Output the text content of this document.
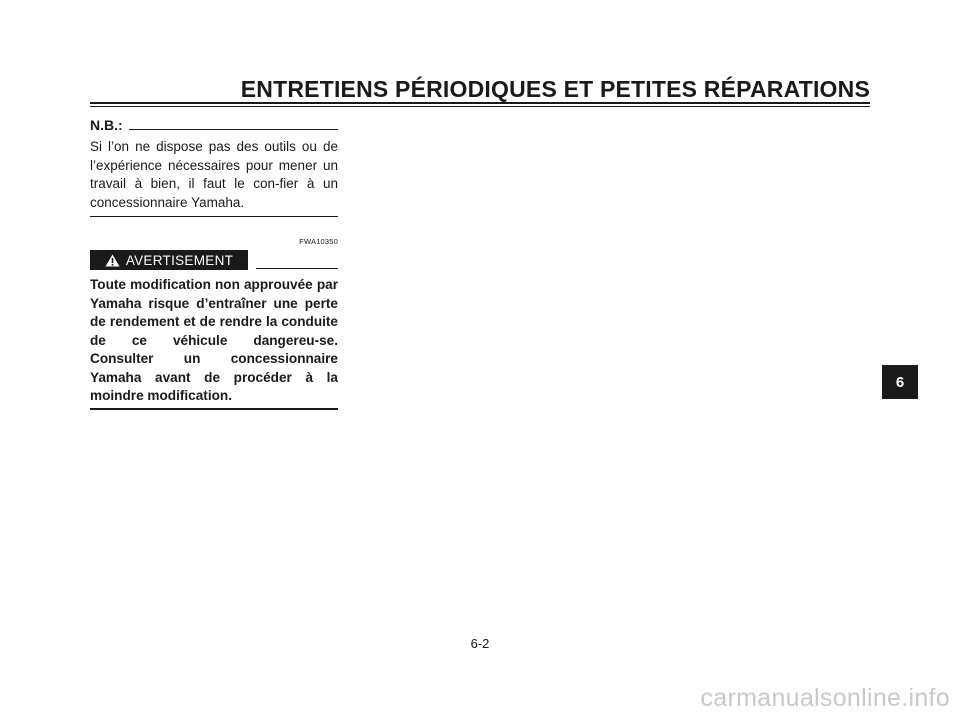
ENTRETIENS PÉRIODIQUES ET PETITES RÉPARATIONS
N.B.:

Si l’on ne dispose pas des outils ou de l’expérience nécessaires pour mener un travail à bien, il faut le con-fier à un concessionnaire Yamaha.

FWA10350
AVERTISEMENT

Toute modification non approuvée par Yamaha risque d’entraîner une perte de rendement et de rendre la conduite de ce véhicule dangereu-se. Consulter un concessionnaire Yamaha avant de procéder à la moindre modification.

6
6-2
carmanualsonline.info
